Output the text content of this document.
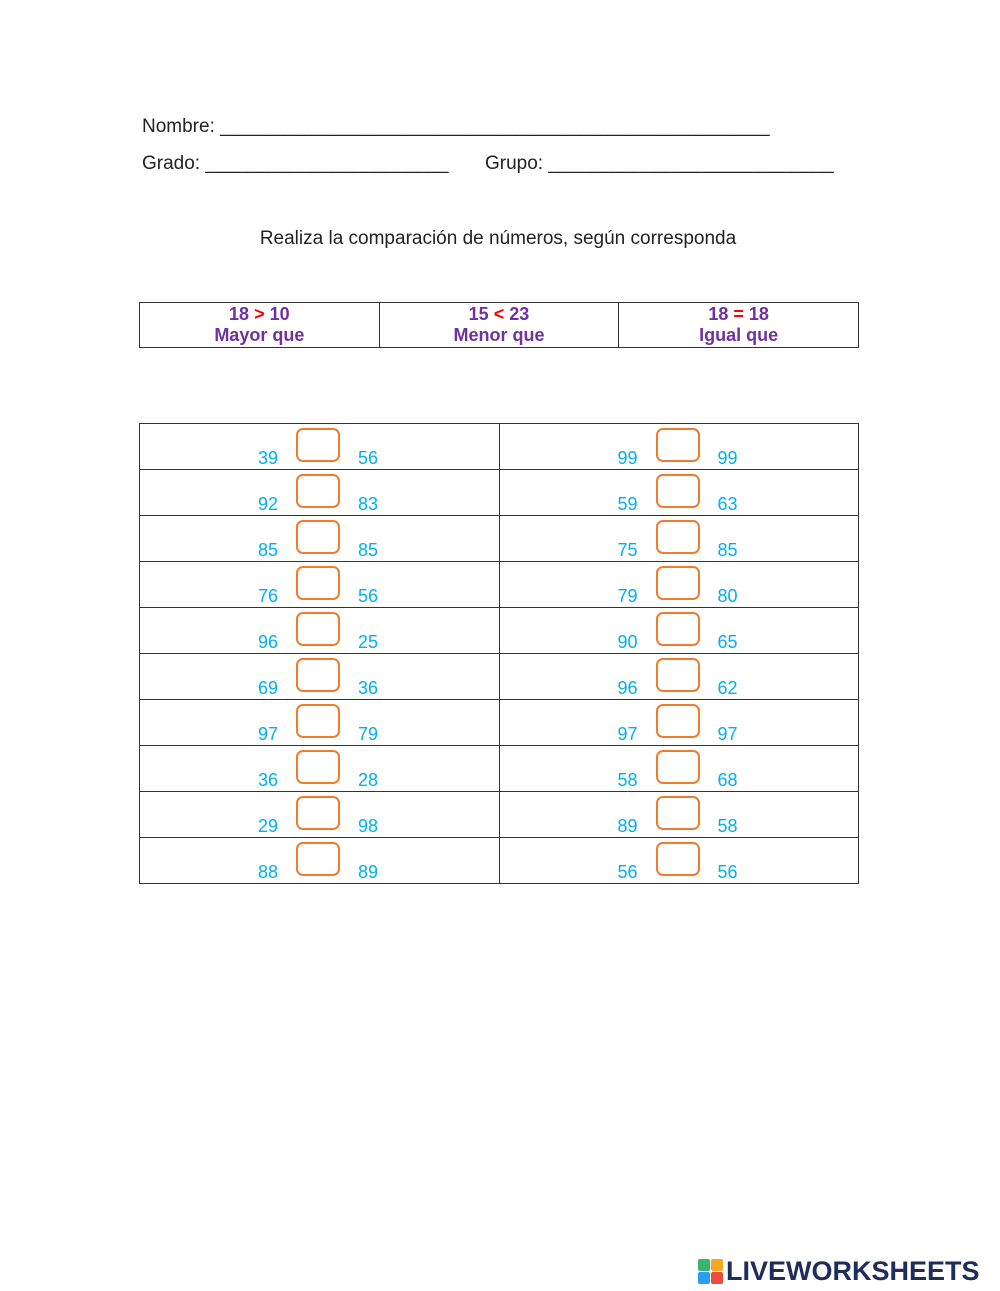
Nombre: ____________________________________________________
Grado: _______________________ Grupo: ___________________________
Realiza la comparación de números, según corresponda
18 > 10
Mayor que

15 < 23
Menor que

18 = 18
Igual que
39 56	99 99

92 83	59 63

85 85	75 85

76 56	79 80

96 25	90 65

69 36	96 62

97 79	97 97

36 28	58 68

29 98	89 58

88 89	56 56
LIVEWORKSHEETS
